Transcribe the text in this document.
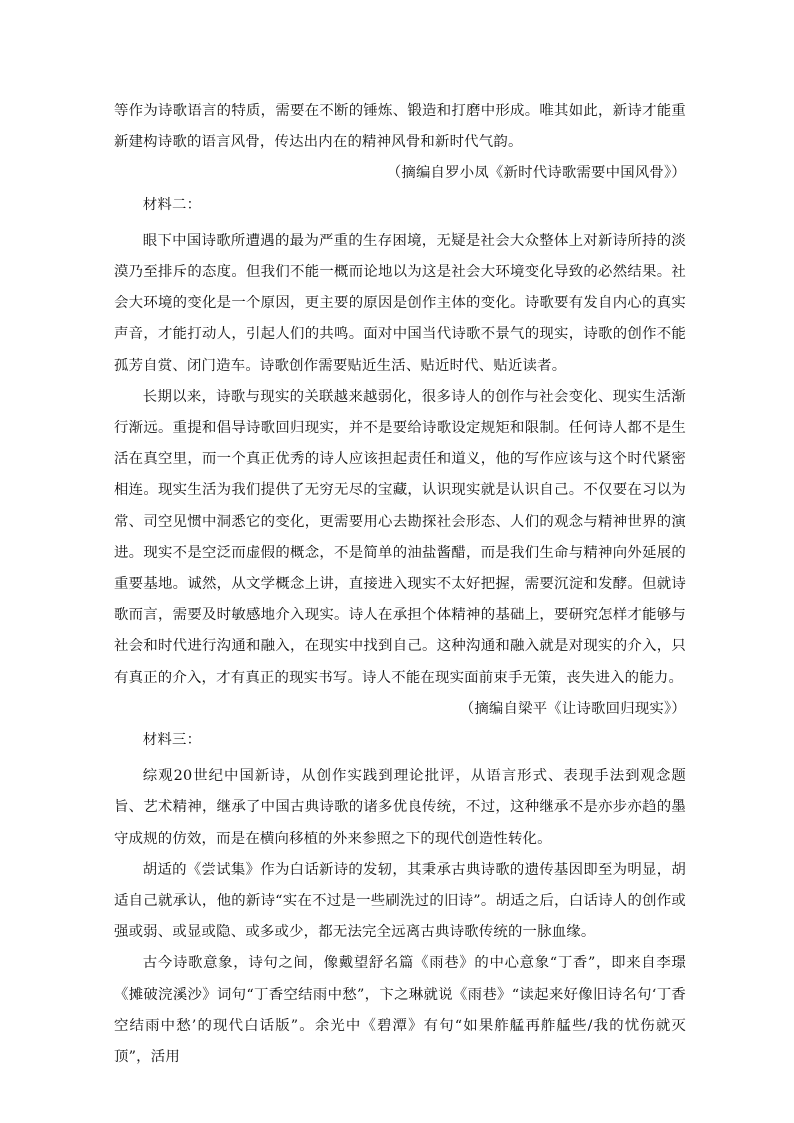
等作为诗歌语言的特质，需要在不断的锤炼、锻造和打磨中形成。唯其如此，新诗才能重新建构诗歌的语言风骨，传达出内在的精神风骨和新时代气韵。

（摘编自罗小凤《新时代诗歌需要中国风骨》）

材料二：

眼下中国诗歌所遭遇的最为严重的生存困境，无疑是社会大众整体上对新诗所持的淡漠乃至排斥的态度。但我们不能一概而论地以为这是社会大环境变化导致的必然结果。社会大环境的变化是一个原因，更主要的原因是创作主体的变化。诗歌要有发自内心的真实声音，才能打动人，引起人们的共鸣。面对中国当代诗歌不景气的现实，诗歌的创作不能孤芳自赏、闭门造车。诗歌创作需要贴近生活、贴近时代、贴近读者。

长期以来，诗歌与现实的关联越来越弱化，很多诗人的创作与社会变化、现实生活渐行渐远。重提和倡导诗歌回归现实，并不是要给诗歌设定规矩和限制。任何诗人都不是生活在真空里，而一个真正优秀的诗人应该担起责任和道义，他的写作应该与这个时代紧密相连。现实生活为我们提供了无穷无尽的宝藏，认识现实就是认识自己。不仅要在习以为常、司空见惯中洞悉它的变化，更需要用心去勘探社会形态、人们的观念与精神世界的演进。现实不是空泛而虚假的概念，不是简单的油盐酱醋，而是我们生命与精神向外延展的重要基地。诚然，从文学概念上讲，直接进入现实不太好把握，需要沉淀和发酵。但就诗歌而言，需要及时敏感地介入现实。诗人在承担个体精神的基础上，要研究怎样才能够与社会和时代进行沟通和融入，在现实中找到自己。这种沟通和融入就是对现实的介入，只有真正的介入，才有真正的现实书写。诗人不能在现实面前束手无策，丧失进入的能力。

（摘编自梁平《让诗歌回归现实》）

材料三：

综观20世纪中国新诗，从创作实践到理论批评，从语言形式、表现手法到观念题旨、艺术精神，继承了中国古典诗歌的诸多优良传统，不过，这种继承不是亦步亦趋的墨守成规的仿效，而是在横向移植的外来参照之下的现代创造性转化。

胡适的《尝试集》作为白话新诗的发轫，其秉承古典诗歌的遗传基因即至为明显，胡适自己就承认，他的新诗“实在不过是一些刷洗过的旧诗”。胡适之后，白话诗人的创作或强或弱、或显或隐、或多或少，都无法完全远离古典诗歌传统的一脉血缘。

古今诗歌意象，诗句之间，像戴望舒名篇《雨巷》的中心意象“丁香”，即来自李璟《摊破浣溪沙》词句“丁香空结雨中愁”，卞之琳就说《雨巷》“读起来好像旧诗名句‘丁香空结雨中愁’的现代白话版”。余光中《碧潭》有句“如果舴艋再舴艋些/我的忧伤就灭顶”，活用
